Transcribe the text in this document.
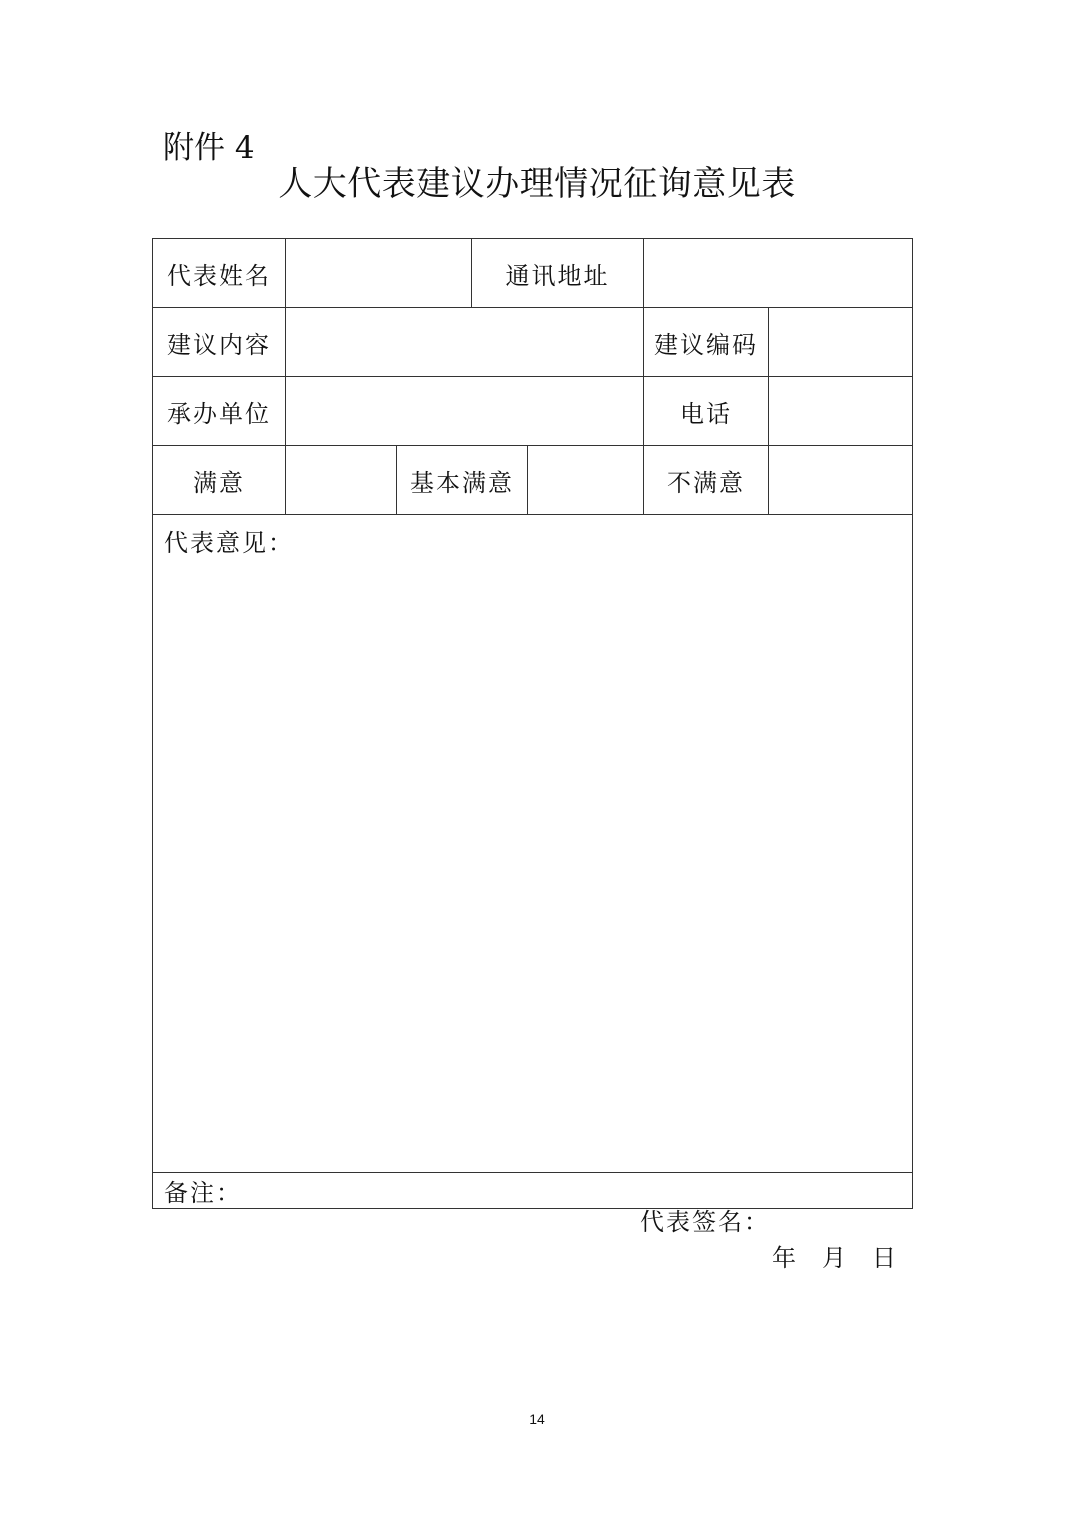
附件 4
人大代表建议办理情况征询意见表
代表姓名			通讯地址			
建议内容					建议编码	
承办单位					电话	
满意		基本满意			不满意	
代表意见：						
备注：						
代表签名：
年 月 日
14
